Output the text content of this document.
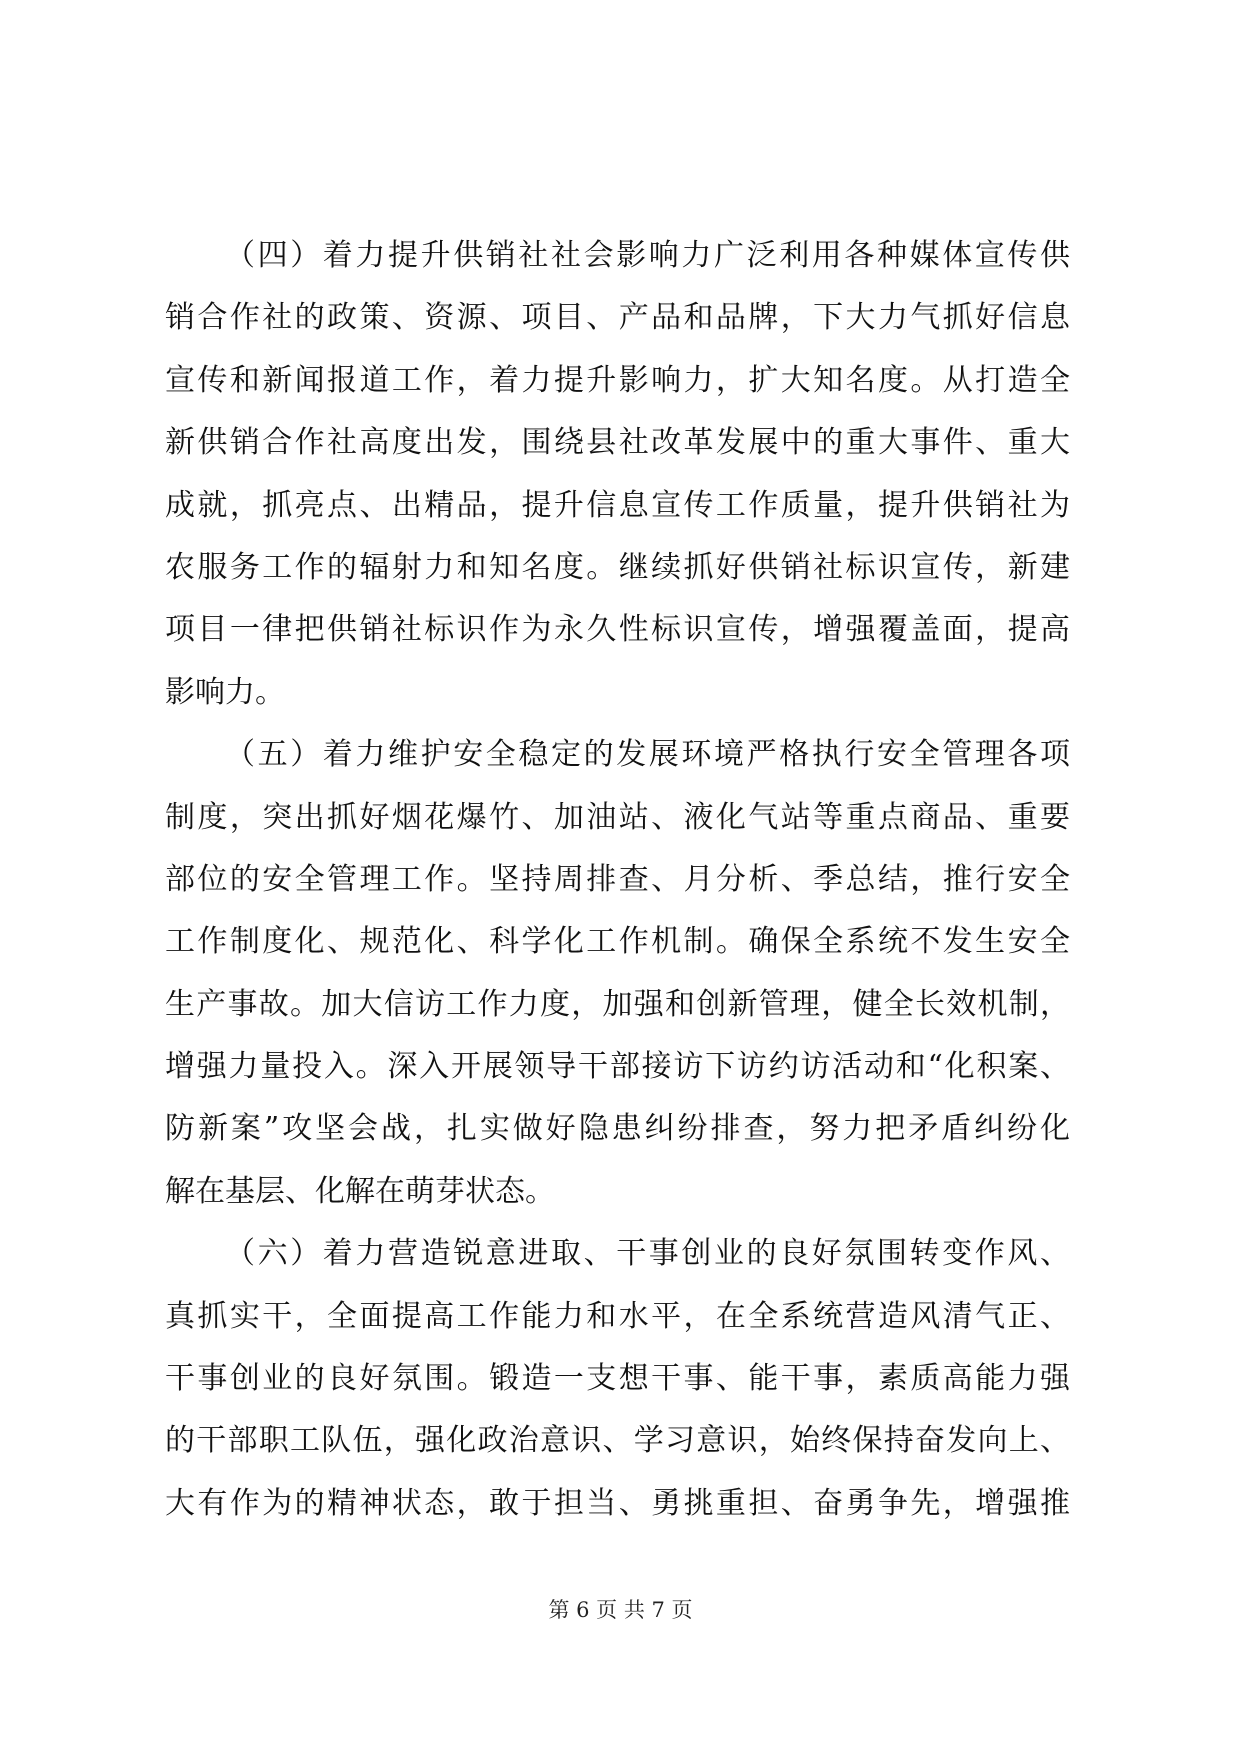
（四）着力提升供销社社会影响力广泛利用各种媒体宣传供
销合作社的政策、资源、项目、产品和品牌，下大力气抓好信息
宣传和新闻报道工作，着力提升影响力，扩大知名度。从打造全
新供销合作社高度出发，围绕县社改革发展中的重大事件、重大
成就，抓亮点、出精品，提升信息宣传工作质量，提升供销社为
农服务工作的辐射力和知名度。继续抓好供销社标识宣传，新建
项目一律把供销社标识作为永久性标识宣传，增强覆盖面，提高
影响力。
（五）着力维护安全稳定的发展环境严格执行安全管理各项
制度，突出抓好烟花爆竹、加油站、液化气站等重点商品、重要
部位的安全管理工作。坚持周排查、月分析、季总结，推行安全
工作制度化、规范化、科学化工作机制。确保全系统不发生安全
生产事故。加大信访工作力度，加强和创新管理，健全长效机制，
增强力量投入。深入开展领导干部接访下访约访活动和“化积案、
防新案”攻坚会战，扎实做好隐患纠纷排查，努力把矛盾纠纷化
解在基层、化解在萌芽状态。
（六）着力营造锐意进取、干事创业的良好氛围转变作风、
真抓实干，全面提高工作能力和水平，在全系统营造风清气正、
干事创业的良好氛围。锻造一支想干事、能干事，素质高能力强
的干部职工队伍，强化政治意识、学习意识，始终保持奋发向上、
大有作为的精神状态，敢于担当、勇挑重担、奋勇争先，增强推
第 6 页 共 7 页
